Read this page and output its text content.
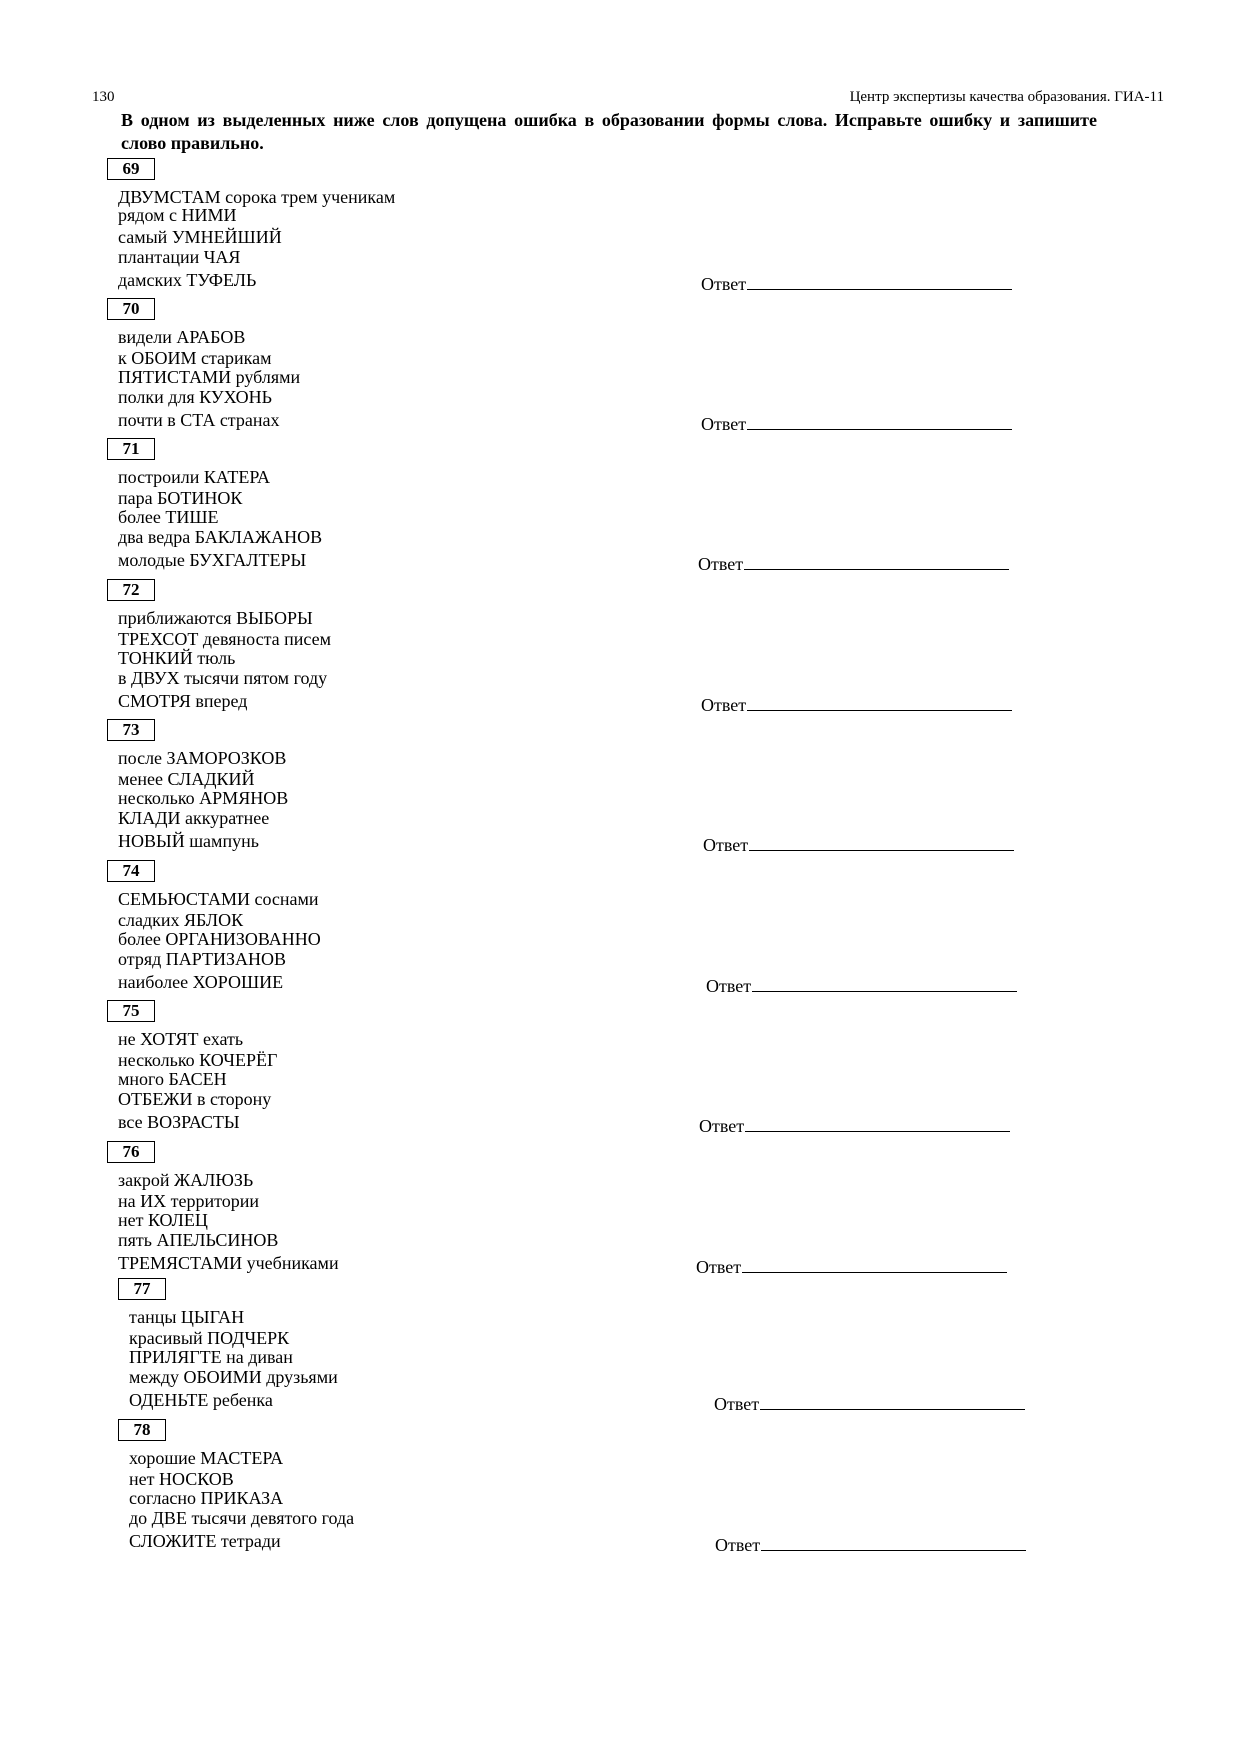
130	Центр экспертизы качества образования. ГИА-11
В одном из выделенных ниже слов допущена ошибка в образовании формы слова. Исправьте ошибку и запишите слово правильно.
69
ДВУМСТАМ сорока трем ученикам
рядом с НИМИ
самый УМНЕЙШИЙ
плантации ЧАЯ
дамских ТУФЕЛЬ	Ответ
70
видели АРАБОВ
к ОБОИМ старикам
ПЯТИСТАМИ рублями
полки для КУХОНЬ
почти в СТА странах	Ответ
71
построили КАТЕРА
пара БОТИНОК
более ТИШЕ
два ведра БАКЛАЖАНОВ
молодые БУХГАЛТЕРЫ	Ответ
72
приближаются ВЫБОРЫ
ТРЕХСОТ девяноста писем
ТОНКИЙ тюль
в ДВУХ тысячи пятом году
СМОТРЯ вперед	Ответ
73
после ЗАМОРОЗКОВ
менее СЛАДКИЙ
несколько АРМЯНОВ
КЛАДИ аккуратнее
НОВЫЙ шампунь	Ответ
74
СЕМЬЮСТАМИ соснами
сладких ЯБЛОК
более ОРГАНИЗОВАННО
отряд ПАРТИЗАНОВ
наиболее ХОРОШИЕ	Ответ
75
не ХОТЯТ ехать
несколько КОЧЕРЁГ
много БАСЕН
ОТБЕЖИ в сторону
все ВОЗРАСТЫ	Ответ
76
закрой ЖАЛЮЗЬ
на ИХ территории
нет КОЛЕЦ
пять АПЕЛЬСИНОВ
ТРЕМЯСТАМИ учебниками	Ответ
77
танцы ЦЫГАН
красивый ПОДЧЕРК
ПРИЛЯГТЕ на диван
между ОБОИМИ друзьями
ОДЕНЬТЕ ребенка	Ответ
78
хорошие МАСТЕРА
нет НОСКОВ
согласно ПРИКАЗА
до ДВЕ тысячи девятого года
СЛОЖИТЕ тетради	Ответ
